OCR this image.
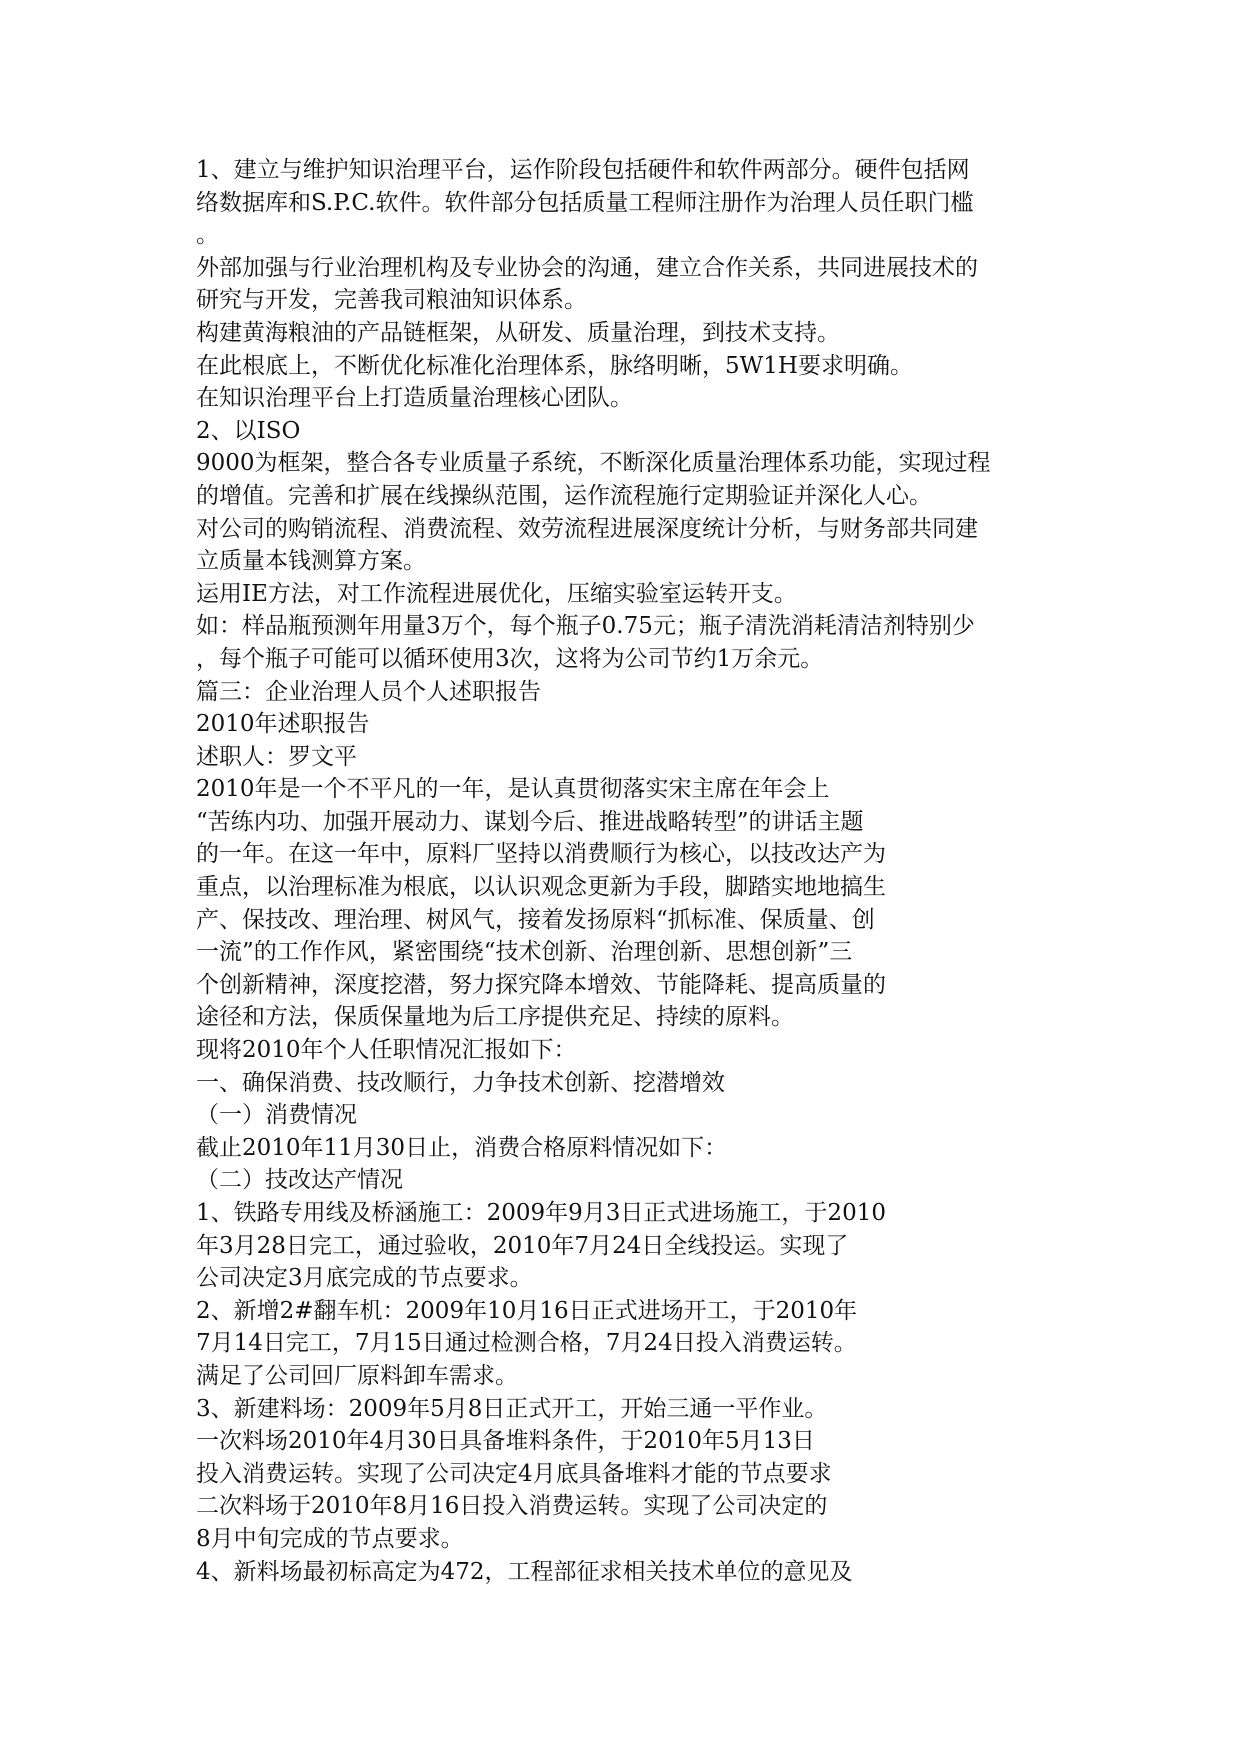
1、建立与维护知识治理平台，运作阶段包括硬件和软件两部分。硬件包括网
络数据库和S.P.C.软件。软件部分包括质量工程师注册作为治理人员任职门槛
。
外部加强与行业治理机构及专业协会的沟通，建立合作关系，共同进展技术的
研究与开发，完善我司粮油知识体系。
构建黄海粮油的产品链框架，从研发、质量治理，到技术支持。
在此根底上，不断优化标准化治理体系，脉络明晰，5W1H要求明确。
在知识治理平台上打造质量治理核心团队。
2、以ISO
9000为框架，整合各专业质量子系统，不断深化质量治理体系功能，实现过程
的增值。完善和扩展在线操纵范围，运作流程施行定期验证并深化人心。
对公司的购销流程、消费流程、效劳流程进展深度统计分析，与财务部共同建
立质量本钱测算方案。
运用IE方法，对工作流程进展优化，压缩实验室运转开支。
如：样品瓶预测年用量3万个，每个瓶子0.75元；瓶子清洗消耗清洁剂特别少
，每个瓶子可能可以循环使用3次，这将为公司节约1万余元。
篇三：企业治理人员个人述职报告
2010年述职报告
述职人：罗文平
2010年是一个不平凡的一年，是认真贯彻落实宋主席在年会上
“苦练内功、加强开展动力、谋划今后、推进战略转型”的讲话主题
的一年。在这一年中，原料厂坚持以消费顺行为核心，以技改达产为
重点，以治理标准为根底，以认识观念更新为手段，脚踏实地地搞生
产、保技改、理治理、树风气，接着发扬原料“抓标准、保质量、创
一流”的工作作风，紧密围绕“技术创新、治理创新、思想创新”三
个创新精神，深度挖潜，努力探究降本增效、节能降耗、提高质量的
途径和方法，保质保量地为后工序提供充足、持续的原料。
现将2010年个人任职情况汇报如下：
一、确保消费、技改顺行，力争技术创新、挖潜增效
（一）消费情况
截止2010年11月30日止，消费合格原料情况如下：
（二）技改达产情况
1、铁路专用线及桥涵施工：2009年9月3日正式进场施工，于2010
年3月28日完工，通过验收，2010年7月24日全线投运。实现了
公司决定3月底完成的节点要求。
2、新增2#翻车机：2009年10月16日正式进场开工，于2010年
7月14日完工，7月15日通过检测合格，7月24日投入消费运转。
满足了公司回厂原料卸车需求。
3、新建料场：2009年5月8日正式开工，开始三通一平作业。
一次料场2010年4月30日具备堆料条件，于2010年5月13日
投入消费运转。实现了公司决定4月底具备堆料才能的节点要求
二次料场于2010年8月16日投入消费运转。实现了公司决定的
8月中旬完成的节点要求。
4、新料场最初标高定为472，工程部征求相关技术单位的意见及
